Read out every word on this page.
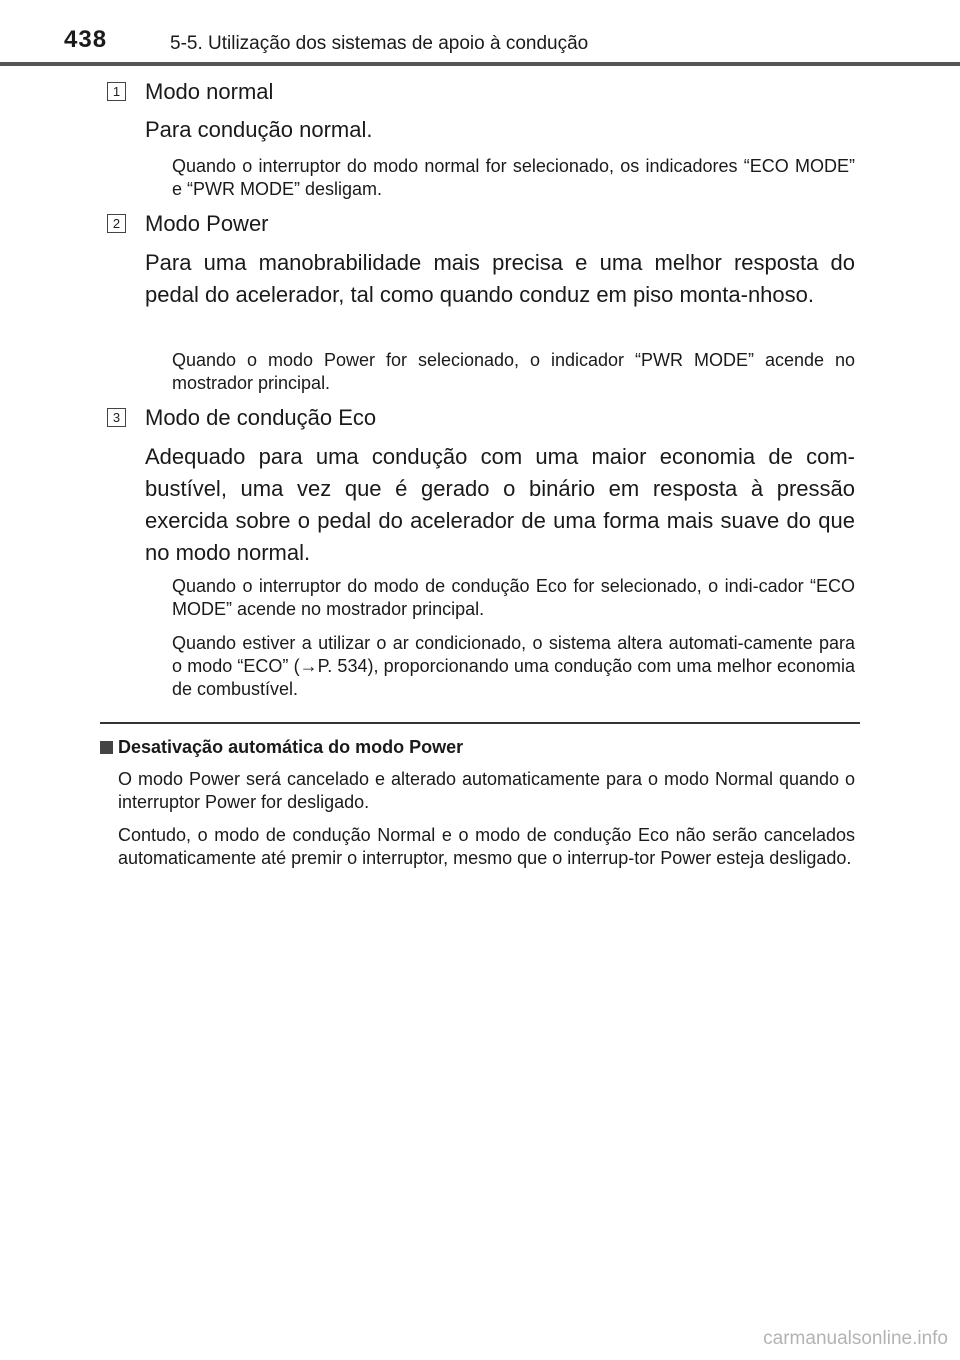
438	5-5. Utilização dos sistemas de apoio à condução
1 Modo normal
Para condução normal.
Quando o interruptor do modo normal for selecionado, os indicadores “ECO MODE” e “PWR MODE” desligam.
2 Modo Power
Para uma manobrabilidade mais precisa e uma melhor resposta do pedal do acelerador, tal como quando conduz em piso monta-nhoso.
Quando o modo Power for selecionado, o indicador “PWR MODE” acende no mostrador principal.
3 Modo de condução Eco
Adequado para uma condução com uma maior economia de com-bustível, uma vez que é gerado o binário em resposta à pressão exercida sobre o pedal do acelerador de uma forma mais suave do que no modo normal.
Quando o interruptor do modo de condução Eco for selecionado, o indi-cador “ECO MODE” acende no mostrador principal.
Quando estiver a utilizar o ar condicionado, o sistema altera automati-camente para o modo “ECO” (→P. 534), proporcionando uma condução com uma melhor economia de combustível.
Desativação automática do modo Power
O modo Power será cancelado e alterado automaticamente para o modo Normal quando o interruptor Power for desligado.
Contudo, o modo de condução Normal e o modo de condução Eco não serão cancelados automaticamente até premir o interruptor, mesmo que o interrup-tor Power esteja desligado.
carmanualsonline.info
